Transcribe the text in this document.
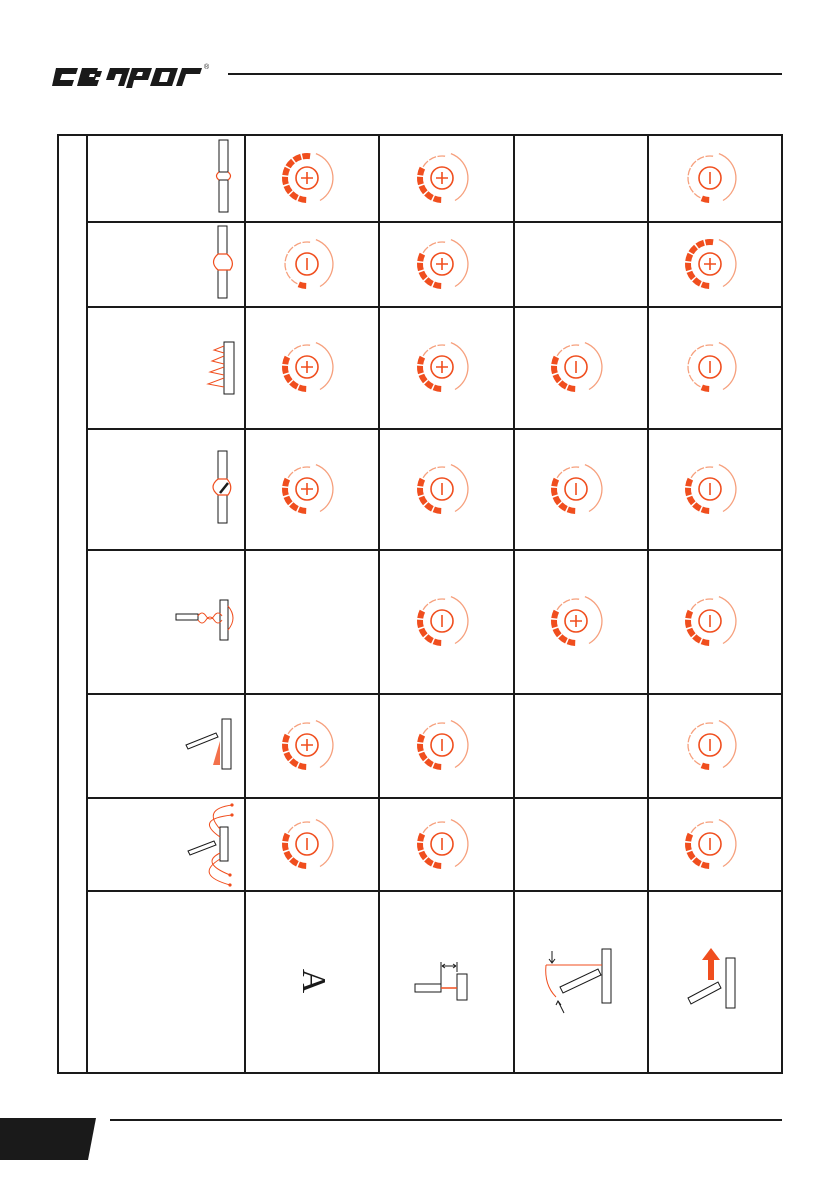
®
A
